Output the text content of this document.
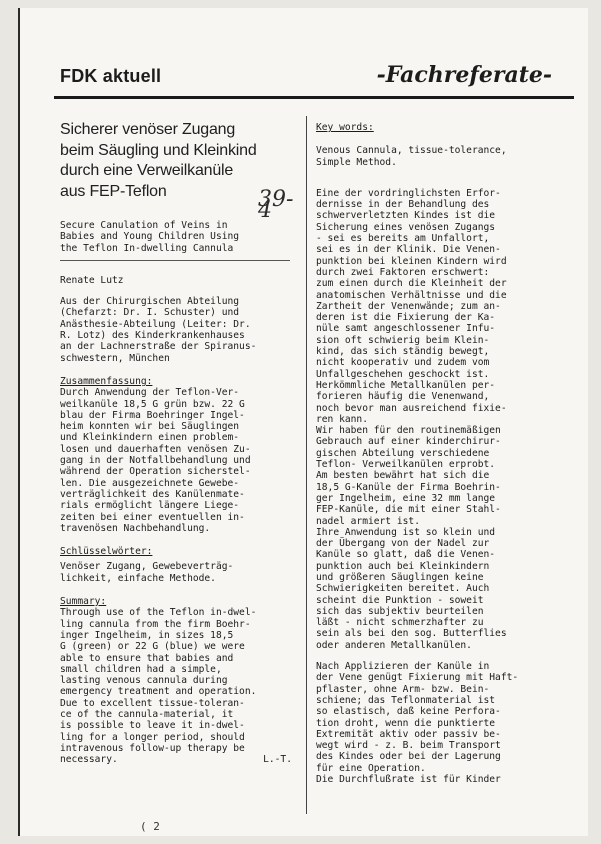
FDK aktuell	-Fachreferate-
Sicherer venöser Zugang
beim Säugling und Kleinkind
durch eine Verweilkanüle
aus FEP-Teflon	39-4
Secure Canulation of Veins in
Babies and Young Children Using
the Teflon In-dwelling Cannula
Renate Lutz
Aus der Chirurgischen Abteilung
(Chefarzt: Dr. I. Schuster) und
Anästhesie-Abteilung (Leiter: Dr.
R. Lotz) des Kinderkrankenhauses
an der Lachnerstraße der Spiranus-
schwestern, München
Zusammenfassung:
Durch Anwendung der Teflon-Ver-
weilkanüle 18,5 G grün bzw. 22 G
blau der Firma Boehringer Ingel-
heim konnten wir bei Säuglingen
und Kleinkindern einen problem-
losen und dauerhaften venösen Zu-
gang in der Notfallbehandlung und
während der Operation sicherstel-
len. Die ausgezeichnete Gewebe-
verträglichkeit des Kanülenmate-
rials ermöglicht längere Liege-
zeiten bei einer eventuellen in-
travenösen Nachbehandlung.
Schlüsselwörter:
Venöser Zugang, Gewebeverträg-
lichkeit, einfache Methode.
Summary:
Through use of the Teflon in-dwel-
ling cannula from the firm Boehr-
inger Ingelheim, in sizes 18,5
G (green) or 22 G (blue) we were
able to ensure that babies and
small children had a simple,
lasting venous cannula during
emergency treatment and operation.
Due to excellent tissue-toleran-
ce of the cannula-material, it
is possible to leave it in-dwel-
ling for a longer period, should
intravenous follow-up therapy be
necessary.	L.-T.
Key words:
Venous Cannula, tissue-tolerance,
Simple Method.
Eine der vordringlichsten Erfor-
dernisse in der Behandlung des
schwerverletzten Kindes ist die
Sicherung eines venösen Zugangs
- sei es bereits am Unfallort,
sei es in der Klinik. Die Venen-
punktion bei kleinen Kindern wird
durch zwei Faktoren erschwert:
zum einen durch die Kleinheit der
anatomischen Verhältnisse und die
Zartheit der Venenwände; zum an-
deren ist die Fixierung der Ka-
nüle samt angeschlossener Infu-
sion oft schwierig beim Klein-
kind, das sich ständig bewegt,
nicht kooperativ und zudem vom
Unfallgeschehen geschockt ist.
Herkömmliche Metallkanülen per-
forieren häufig die Venenwand,
noch bevor man ausreichend fixie-
ren kann.
Wir haben für den routinemäßigen
Gebrauch auf einer kinderchirur-
gischen Abteilung verschiedene
Teflon- Verweilkanülen erprobt.
Am besten bewährt hat sich die
18,5 G-Kanüle der Firma Boehrin-
ger Ingelheim, eine 32 mm lange
FEP-Kanüle, die mit einer Stahl-
nadel armiert ist.
Ihre Anwendung ist so klein und
der Übergang von der Nadel zur
Kanüle so glatt, daß die Venen-
punktion auch bei Kleinkindern
und größeren Säuglingen keine
Schwierigkeiten bereitet. Auch
scheint die Punktion - soweit
sich das subjektiv beurteilen
läßt - nicht schmerzhafter zu
sein als bei den sog. Butterflies
oder anderen Metallkanülen.
Nach Applizieren der Kanüle in
der Vene genügt Fixierung mit Haft-
pflaster, ohne Arm- bzw. Bein-
schiene; das Teflonmaterial ist
so elastisch, daß keine Perfora-
tion droht, wenn die punktierte
Extremität aktiv oder passiv be-
wegt wird - z. B. beim Transport
des Kindes oder bei der Lagerung
für eine Operation.
Die Durchflußrate ist für Kinder
( 2
